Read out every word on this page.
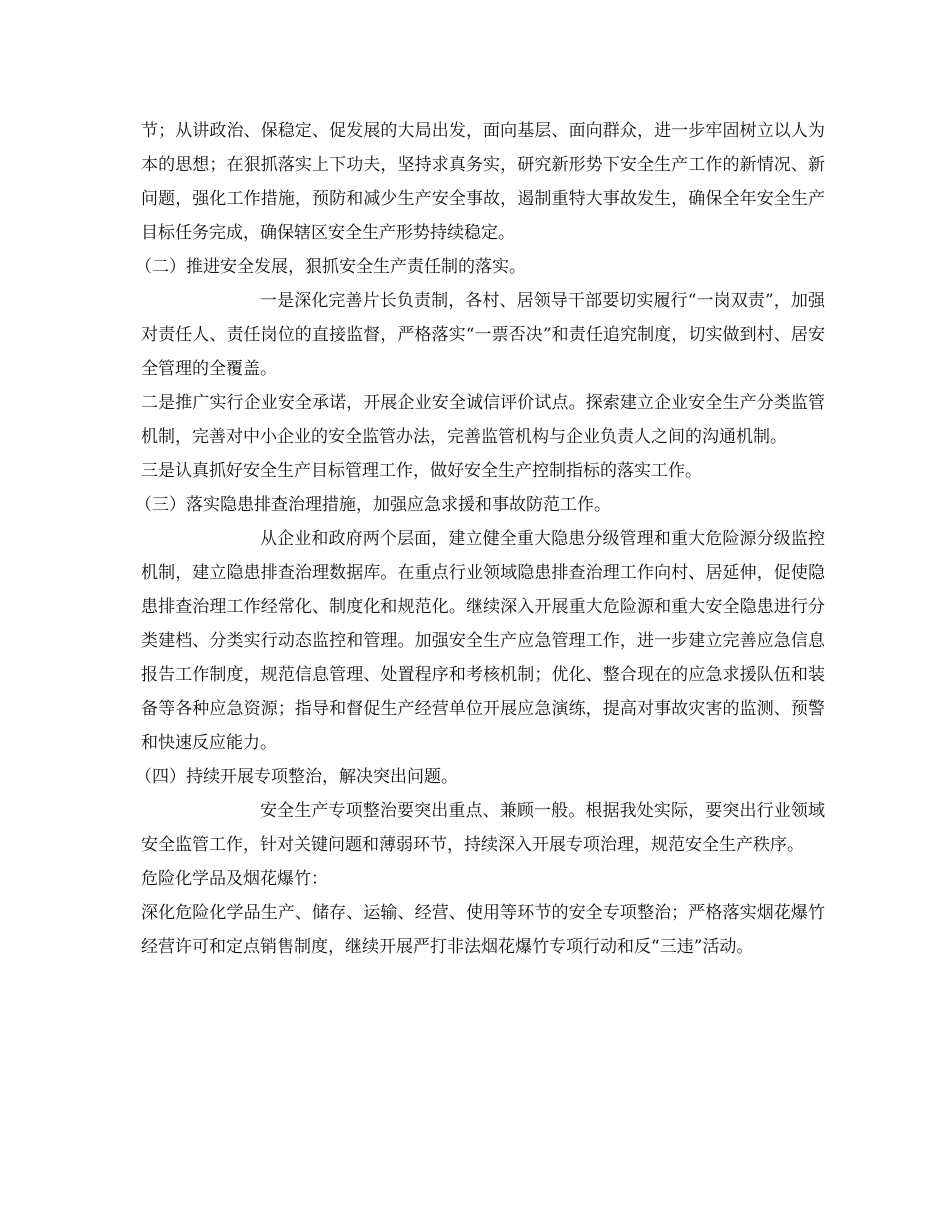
节；从讲政治、保稳定、促发展的大局出发，面向基层、面向群众，进一步牢固树立以人为本的思想；在狠抓落实上下功夫，坚持求真务实，研究新形势下安全生产工作的新情况、新问题，强化工作措施，预防和减少生产安全事故，遏制重特大事故发生，确保全年安全生产目标任务完成，确保辖区安全生产形势持续稳定。

（二）推进安全发展，狠抓安全生产责任制的落实。

一是深化完善片长负责制，各村、居领导干部要切实履行“一岗双责”，加强对责任人、责任岗位的直接监督，严格落实“一票否决”和责任追究制度，切实做到村、居安全管理的全覆盖。

二是推广实行企业安全承诺，开展企业安全诚信评价试点。探索建立企业安全生产分类监管机制，完善对中小企业的安全监管办法，完善监管机构与企业负责人之间的沟通机制。

三是认真抓好安全生产目标管理工作，做好安全生产控制指标的落实工作。

（三）落实隐患排查治理措施，加强应急求援和事故防范工作。

从企业和政府两个层面，建立健全重大隐患分级管理和重大危险源分级监控机制，建立隐患排查治理数据库。在重点行业领域隐患排查治理工作向村、居延伸，促使隐患排查治理工作经常化、制度化和规范化。继续深入开展重大危险源和重大安全隐患进行分类建档、分类实行动态监控和管理。加强安全生产应急管理工作，进一步建立完善应急信息报告工作制度，规范信息管理、处置程序和考核机制；优化、整合现在的应急求援队伍和装备等各种应急资源；指导和督促生产经营单位开展应急演练，提高对事故灾害的监测、预警和快速反应能力。

（四）持续开展专项整治，解决突出问题。

安全生产专项整治要突出重点、兼顾一般。根据我处实际，要突出行业领域安全监管工作，针对关键问题和薄弱环节，持续深入开展专项治理，规范安全生产秩序。

危险化学品及烟花爆竹：

深化危险化学品生产、储存、运输、经营、使用等环节的安全专项整治；严格落实烟花爆竹经营许可和定点销售制度，继续开展严打非法烟花爆竹专项行动和反“三违”活动。
